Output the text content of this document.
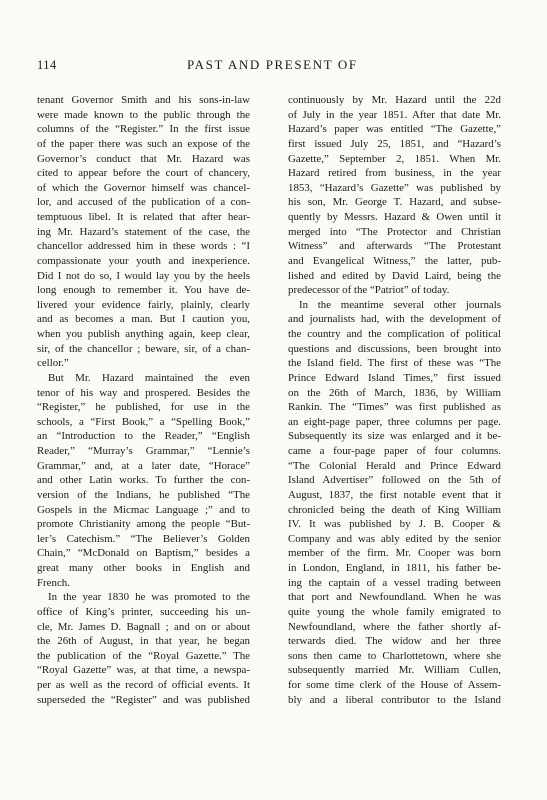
114	PAST AND PRESENT OF

tenant Governor Smith and his sons-in-law
were made known to the public through the
columns of the “Register.” In the first issue
of the paper there was such an expose of the
Governor’s conduct that Mr. Hazard was
cited to appear before the court of chancery,
of which the Governor himself was chancel-
lor, and accused of the publication of a con-
temptuous libel. It is related that after hear-
ing Mr. Hazard’s statement of the case, the
chancellor addressed him in these words : “I
compassionate your youth and inexperience.
Did I not do so, I would lay you by the heels
long enough to remember it. You have de-
livered your evidence fairly, plainly, clearly
and as becomes a man. But I caution you,
when you publish anything again, keep clear,
sir, of the chancellor ; beware, sir, of a chan-
cellor.”

But Mr. Hazard maintained the even
tenor of his way and prospered. Besides the
“Register,” he published, for use in the
schools, a “First Book,” a “Spelling Book,”
an “Introduction to the Reader,” “English
Reader,” “Murray’s Grammar,” “Lennie’s
Grammar,” and, at a later date, “Horace”
and other Latin works. To further the con-
version of the Indians, he published “The
Gospels in the Micmac Language ;” and to
promote Christianity among the people “But-
ler’s Catechism.” “The Believer’s Golden
Chain,” “McDonald on Baptism,” besides a
great many other books in English and
French.

In the year 1830 he was promoted to the
office of King’s printer, succeeding his un-
cle, Mr. James D. Bagnall ; and on or about
the 26th of August, in that year, he began
the publication of the “Royal Gazette.” The
“Royal Gazette” was, at that time, a newspa-
per as well as the record of official events. It
superseded the “Register” and was published

continuously by Mr. Hazard until the 22d
of July in the year 1851. After that date Mr.
Hazard’s paper was entitled “The Gazette,”
first issued July 25, 1851, and “Hazard’s
Gazette,” September 2, 1851. When Mr.
Hazard retired from business, in the year
1853, “Hazard’s Gazette” was published by
his son, Mr. George T. Hazard, and subse-
quently by Messrs. Hazard & Owen until it
merged into “The Protector and Christian
Witness” and afterwards “The Protestant
and Evangelical Witness,” the latter, pub-
lished and edited by David Laird, being the
predecessor of the “Patriot” of today.

In the meantime several other journals
and journalists had, with the development of
the country and the complication of political
questions and discussions, been brought into
the Island field. The first of these was “The
Prince Edward Island Times,” first issued
on the 26th of March, 1836, by William
Rankin. The “Times” was first published as
an eight-page paper, three columns per page.
Subsequently its size was enlarged and it be-
came a four-page paper of four columns.
“The Colonial Herald and Prince Edward
Island Advertiser” followed on the 5th of
August, 1837, the first notable event that it
chronicled being the death of King William
IV. It was published by J. B. Cooper &
Company and was ably edited by the senior
member of the firm. Mr. Cooper was born
in London, England, in 1811, his father be-
ing the captain of a vessel trading between
that port and Newfoundland. When he was
quite young the whole family emigrated to
Newfoundland, where the father shortly af-
terwards died. The widow and her three
sons then came to Charlottetown, where she
subsequently married Mr. William Cullen,
for some time clerk of the House of Assem-
bly and a liberal contributor to the Island
